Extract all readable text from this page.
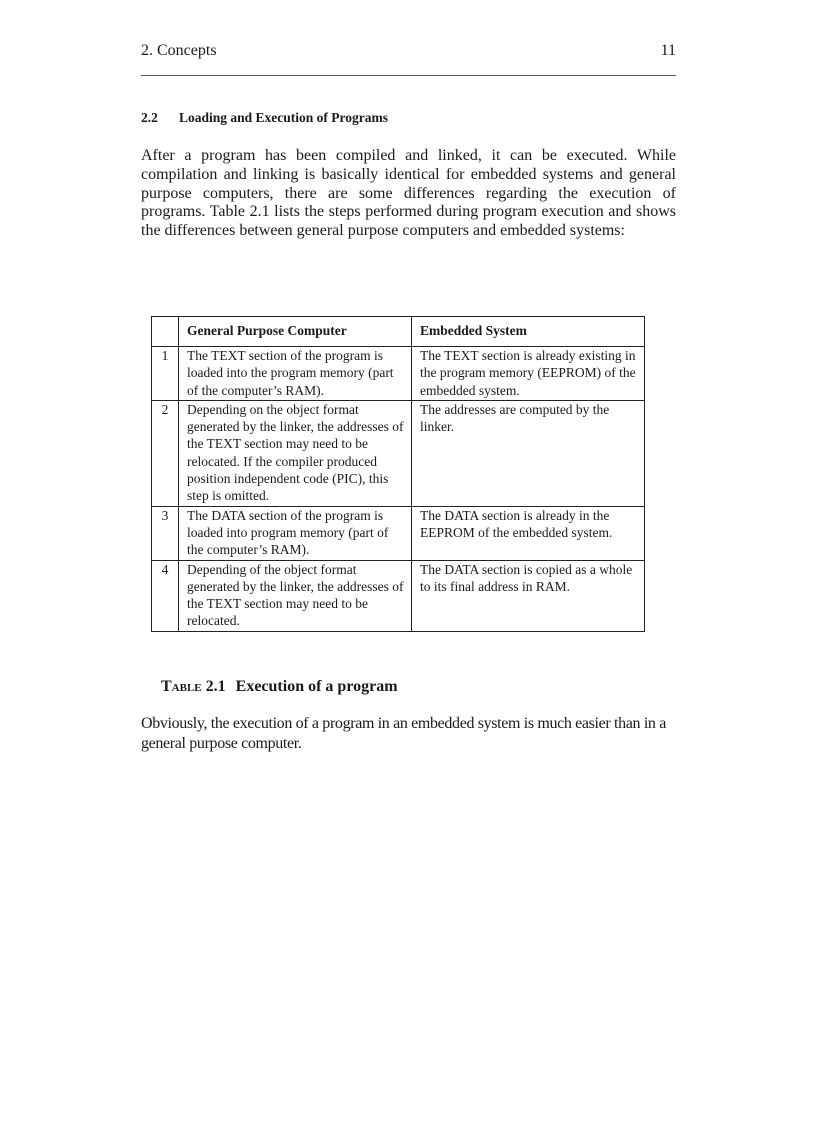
2. Concepts	11
2.2 Loading and Execution of Programs

After a program has been compiled and linked, it can be executed. While compilation and linking is basically identical for embedded systems and general purpose computers, there are some differences regarding the execution of programs. Table 2.1 lists the steps performed during program execution and shows the differences between general purpose computers and embedded systems:

	General Purpose Computer	Embedded System
1	The TEXT section of the program is loaded into the program memory (part of the computer’s RAM).	The TEXT section is already existing in the program memory (EEPROM) of the embedded system.
2	Depending on the object format generated by the linker, the addresses of the TEXT section may need to be relocated. If the compiler produced position independent code (PIC), this step is omitted.	The addresses are computed by the linker.
3	The DATA section of the program is loaded into program memory (part of the computer’s RAM).	The DATA section is already in the EEPROM of the embedded system.
4	Depending of the object format generated by the linker, the addresses of the TEXT section may need to be relocated.	The DATA section is copied as a whole to its final address in RAM.
Table 2.1 Execution of a program

Obviously, the execution of a program in an embedded system is much easier than in a general purpose computer.
